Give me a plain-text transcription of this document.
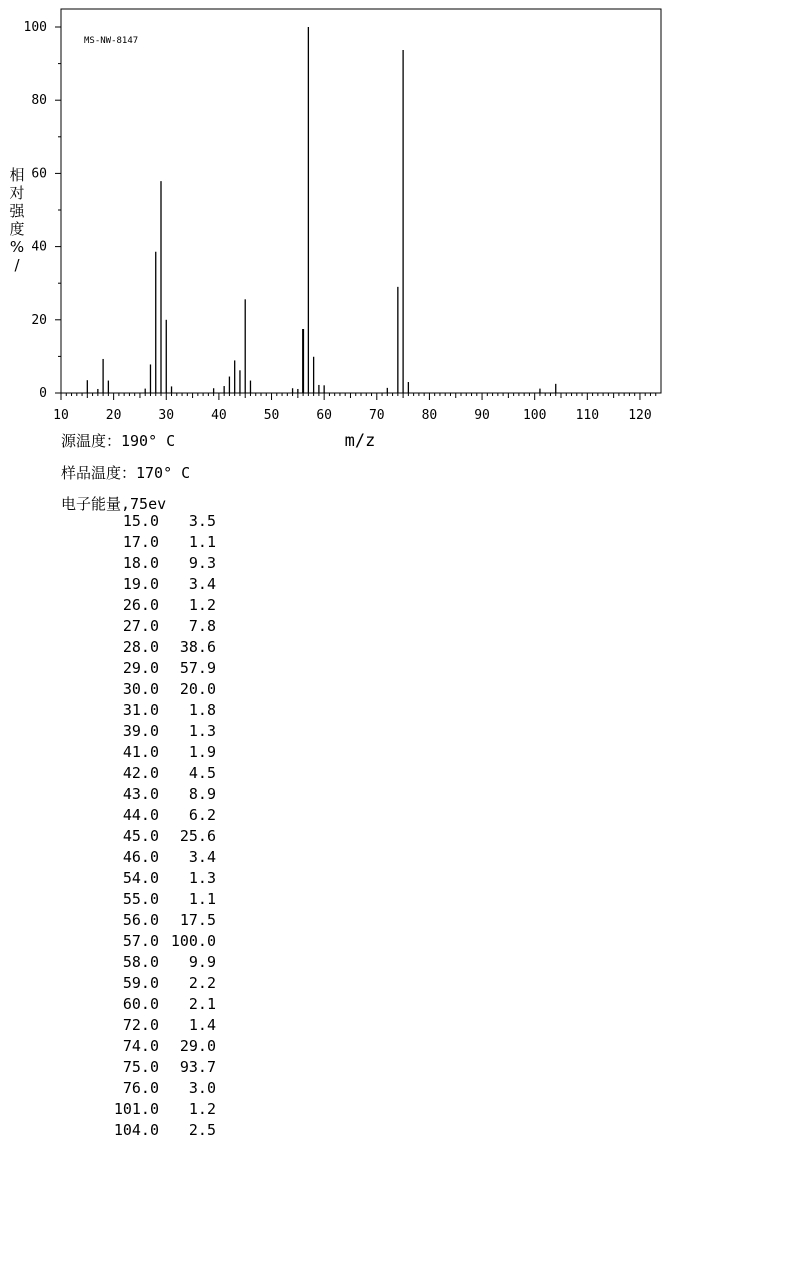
0
20
40
60
80
100
10	20	30	40	50	60	70	80	90	100 110 120
MS-NW-8147
m/z
相
对
强
度
%
/
源温度：190° C
样品温度：170° C
电子能量,75ev
15.0 3.5
17.0 1.1
18.0 9.3
19.0 3.4
26.0 1.2
27.0 7.8
28.0 38.6
29.0 57.9
30.0 20.0
31.0 1.8
39.0 1.3
41.0 1.9
42.0 4.5
43.0 8.9
44.0 6.2
45.0 25.6
46.0 3.4
54.0 1.3
55.0 1.1
56.0 17.5
57.0 100.0
58.0 9.9
59.0 2.2
60.0 2.1
72.0 1.4
74.0 29.0
75.0 93.7
76.0 3.0
101.0 1.2
104.0 2.5
